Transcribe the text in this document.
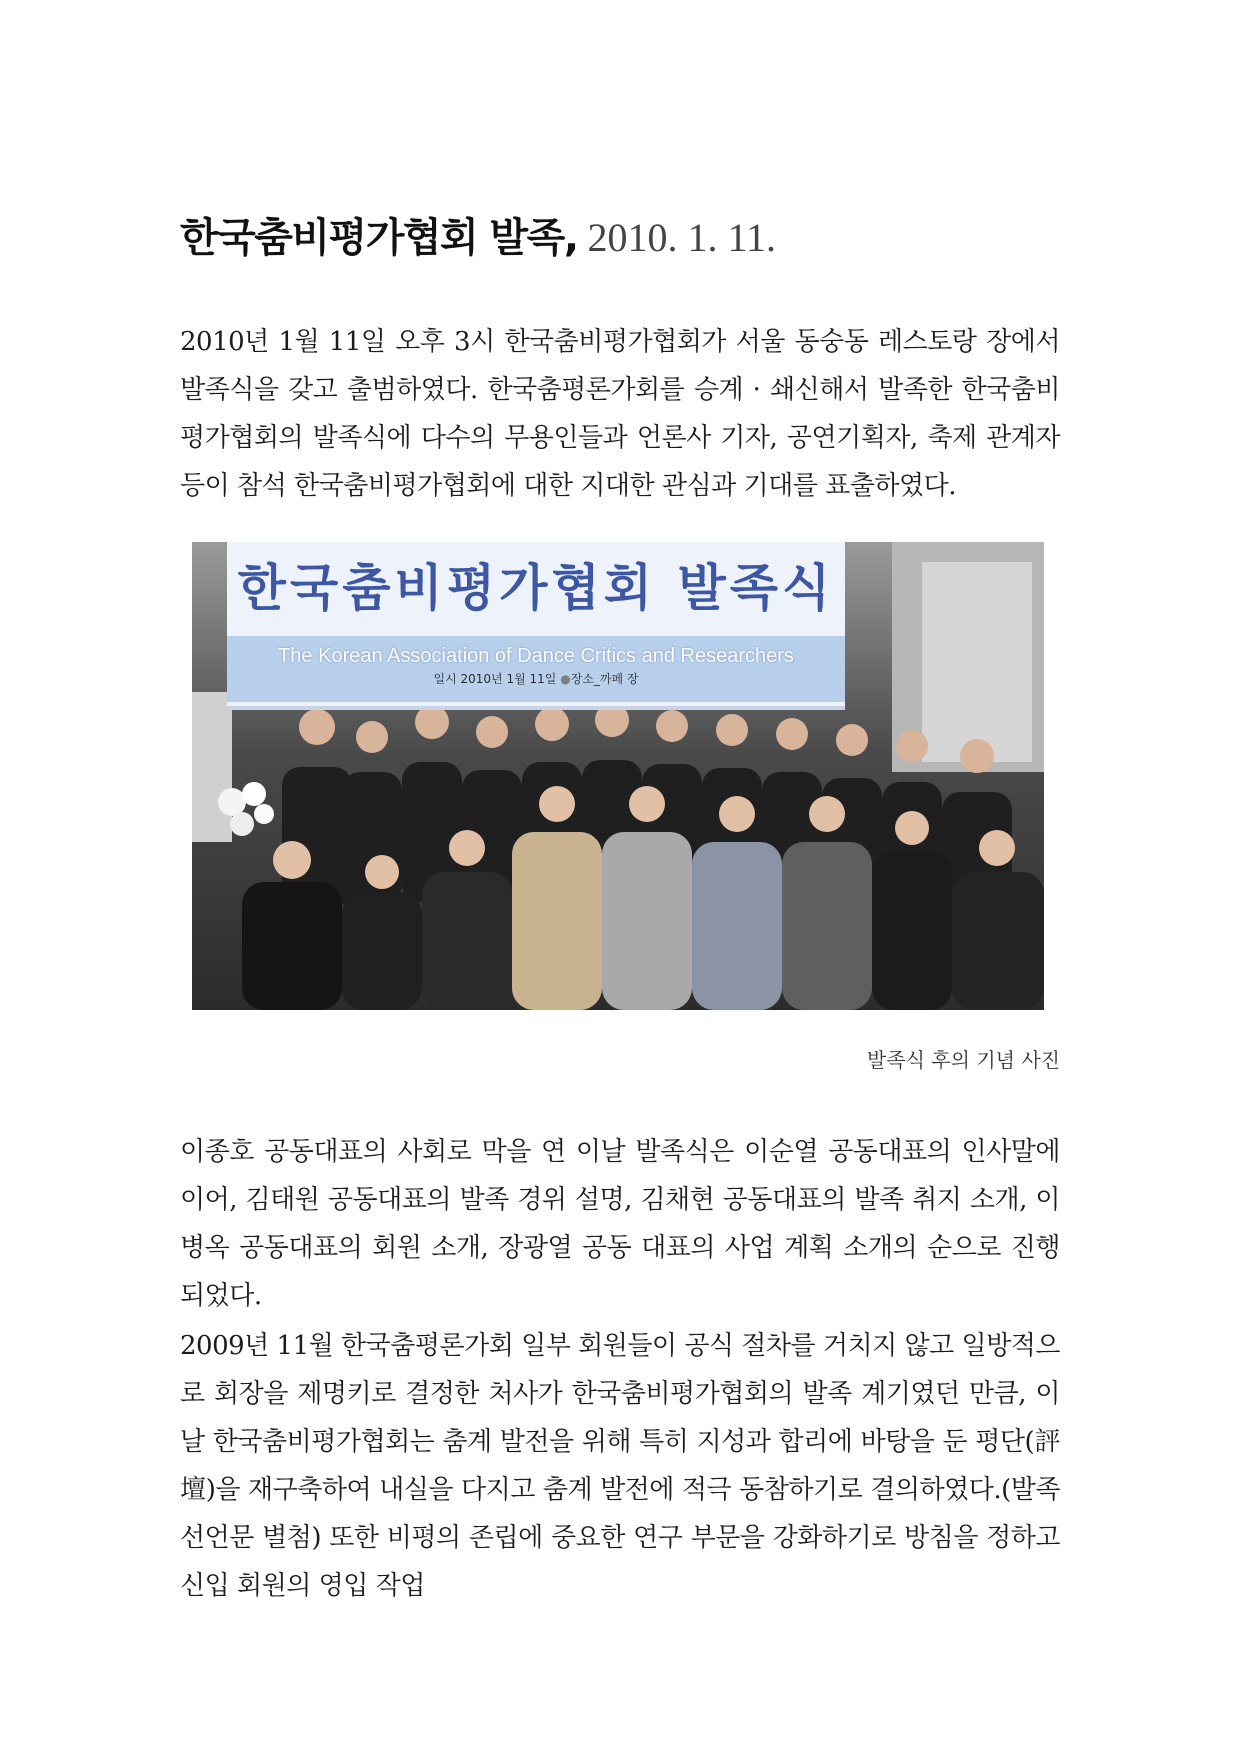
한국춤비평가협회 발족, 2010. 1. 11.

2010년 1월 11일 오후 3시 한국춤비평가협회가 서울 동숭동 레스토랑 장에서 발족식을 갖고 출범하였다. 한국춤평론가회를 승계 · 쇄신해서 발족한 한국춤비평가협회의 발족식에 다수의 무용인들과 언론사 기자, 공연기획자, 축제 관계자 등이 참석 한국춤비평가협회에 대한 지대한 관심과 기대를 표출하였다.

한국춤비평가협회 발족식
The Korean Association of Dance Critics and Researchers
일시 2010년 1월 11일 ●장소_까페 장
발족식 후의 기념 사진

이종호 공동대표의 사회로 막을 연 이날 발족식은 이순열 공동대표의 인사말에 이어, 김태원 공동대표의 발족 경위 설명, 김채현 공동대표의 발족 취지 소개, 이병옥 공동대표의 회원 소개, 장광열 공동 대표의 사업 계획 소개의 순으로 진행되었다.

2009년 11월 한국춤평론가회 일부 회원들이 공식 절차를 거치지 않고 일방적으로 회장을 제명키로 결정한 처사가 한국춤비평가협회의 발족 계기였던 만큼, 이날 한국춤비평가협회는 춤계 발전을 위해 특히 지성과 합리에 바탕을 둔 평단(評壇)을 재구축하여 내실을 다지고 춤계 발전에 적극 동참하기로 결의하였다.(발족선언문 별첨) 또한 비평의 존립에 중요한 연구 부문을 강화하기로 방침을 정하고 신입 회원의 영입 작업
